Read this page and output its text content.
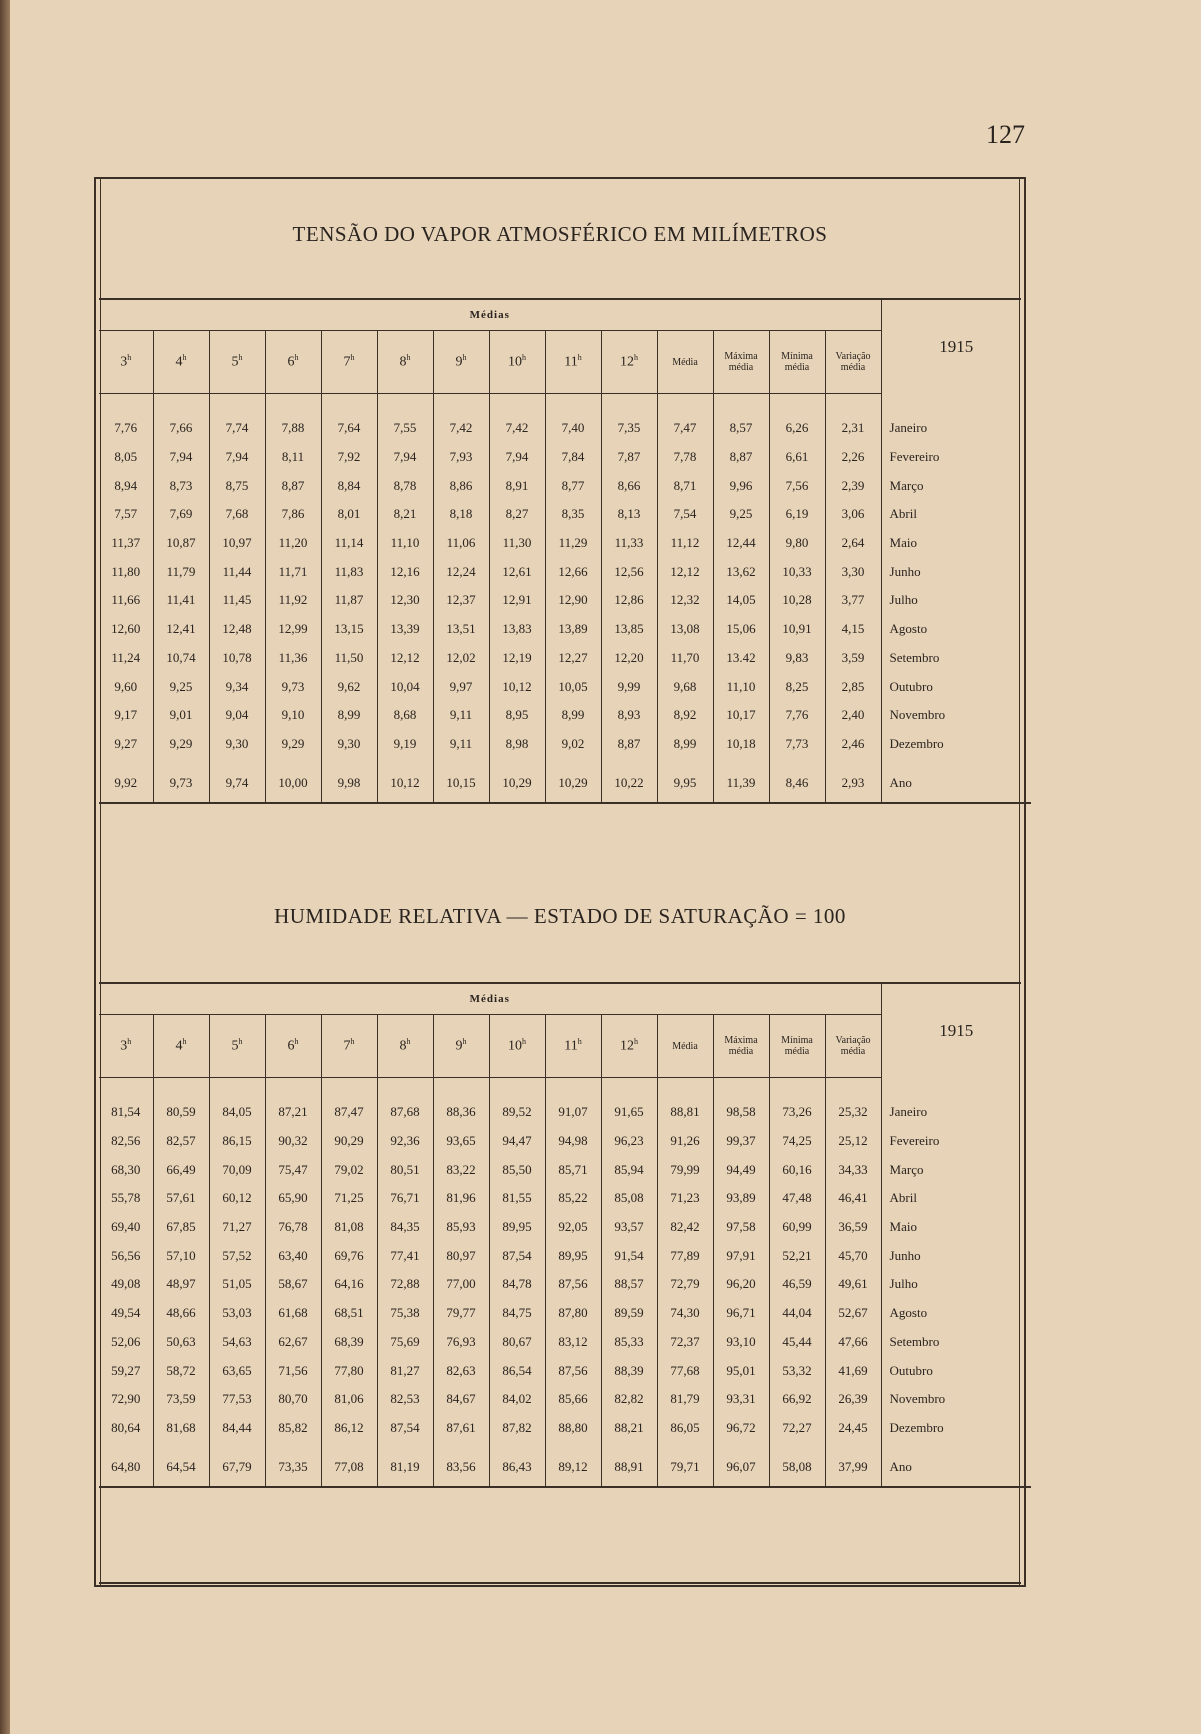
127
TENSÃO DO VAPOR ATMOSFÉRICO EM MILÍMETROS
Médias														1915
3$^h$	4$^h$	5$^h$	6$^h$	7$^h$	8$^h$	9$^h$	10$^h$	11$^h$	12$^h$	Média	Máxima média	Mínima média	Variação média	

7,76	7,66	7,74	7,88	7,64	7,55	7,42	7,42	7,40	7,35	7,47	8,57	6,26	2,31	Janeiro
8,05	7,94	7,94	8,11	7,92	7,94	7,93	7,94	7,84	7,87	7,78	8,87	6,61	2,26	Fevereiro
8,94	8,73	8,75	8,87	8,84	8,78	8,86	8,91	8,77	8,66	8,71	9,96	7,56	2,39	Março
7,57	7,69	7,68	7,86	8,01	8,21	8,18	8,27	8,35	8,13	7,54	9,25	6,19	3,06	Abril
11,37	10,87	10,97	11,20	11,14	11,10	11,06	11,30	11,29	11,33	11,12	12,44	9,80	2,64	Maio
11,80	11,79	11,44	11,71	11,83	12,16	12,24	12,61	12,66	12,56	12,12	13,62	10,33	3,30	Junho
11,66	11,41	11,45	11,92	11,87	12,30	12,37	12,91	12,90	12,86	12,32	14,05	10,28	3,77	Julho
12,60	12,41	12,48	12,99	13,15	13,39	13,51	13,83	13,89	13,85	13,08	15,06	10,91	4,15	Agosto
11,24	10,74	10,78	11,36	11,50	12,12	12,02	12,19	12,27	12,20	11,70	13.42	9,83	3,59	Setembro
9,60	9,25	9,34	9,73	9,62	10,04	9,97	10,12	10,05	9,99	9,68	11,10	8,25	2,85	Outubro
9,17	9,01	9,04	9,10	8,99	8,68	9,11	8,95	8,99	8,93	8,92	10,17	7,76	2,40	Novembro
9,27	9,29	9,30	9,29	9,30	9,19	9,11	8,98	9,02	8,87	8,99	10,18	7,73	2,46	Dezembro

9,92	9,73	9,74	10,00	9,98	10,12	10,15	10,29	10,29	10,22	9,95	11,39	8,46	2,93	Ano

HUMIDADE RELATIVA — ESTADO DE SATURAÇÃO = 100
Médias														1915
3$^h$	4$^h$	5$^h$	6$^h$	7$^h$	8$^h$	9$^h$	10$^h$	11$^h$	12$^h$	Média	Máxima média	Mínima média	Variação média	

81,54	80,59	84,05	87,21	87,47	87,68	88,36	89,52	91,07	91,65	88,81	98,58	73,26	25,32	Janeiro
82,56	82,57	86,15	90,32	90,29	92,36	93,65	94,47	94,98	96,23	91,26	99,37	74,25	25,12	Fevereiro
68,30	66,49	70,09	75,47	79,02	80,51	83,22	85,50	85,71	85,94	79,99	94,49	60,16	34,33	Março
55,78	57,61	60,12	65,90	71,25	76,71	81,96	81,55	85,22	85,08	71,23	93,89	47,48	46,41	Abril
69,40	67,85	71,27	76,78	81,08	84,35	85,93	89,95	92,05	93,57	82,42	97,58	60,99	36,59	Maio
56,56	57,10	57,52	63,40	69,76	77,41	80,97	87,54	89,95	91,54	77,89	97,91	52,21	45,70	Junho
49,08	48,97	51,05	58,67	64,16	72,88	77,00	84,78	87,56	88,57	72,79	96,20	46,59	49,61	Julho
49,54	48,66	53,03	61,68	68,51	75,38	79,77	84,75	87,80	89,59	74,30	96,71	44,04	52,67	Agosto
52,06	50,63	54,63	62,67	68,39	75,69	76,93	80,67	83,12	85,33	72,37	93,10	45,44	47,66	Setembro
59,27	58,72	63,65	71,56	77,80	81,27	82,63	86,54	87,56	88,39	77,68	95,01	53,32	41,69	Outubro
72,90	73,59	77,53	80,70	81,06	82,53	84,67	84,02	85,66	82,82	81,79	93,31	66,92	26,39	Novembro
80,64	81,68	84,44	85,82	86,12	87,54	87,61	87,82	88,80	88,21	86,05	96,72	72,27	24,45	Dezembro

64,80	64,54	67,79	73,35	77,08	81,19	83,56	86,43	89,12	88,91	79,71	96,07	58,08	37,99	Ano
